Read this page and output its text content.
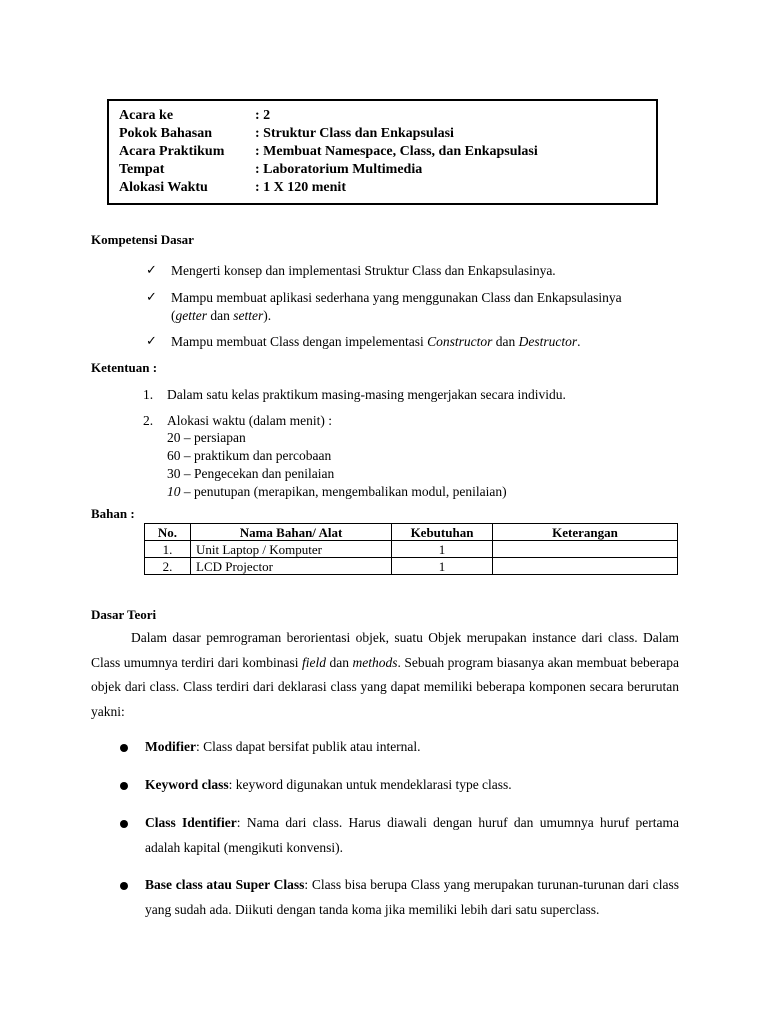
Acara ke	: 2
Pokok Bahasan	: Struktur Class dan Enkapsulasi
Acara Praktikum : Membuat Namespace, Class, dan Enkapsulasi
Tempat	: Laboratorium Multimedia
Alokasi Waktu	: 1 X 120 menit
Kompetensi Dasar
✓ Mengerti konsep dan implementasi Struktur Class dan Enkapsulasinya.
✓ Mampu membuat aplikasi sederhana yang menggunakan Class dan Enkapsulasinya
(getter dan setter).
✓ Mampu membuat Class dengan impelementasi Constructor dan Destructor.
Ketentuan :
1. Dalam satu kelas praktikum masing-masing mengerjakan secara individu.
2. Alokasi waktu (dalam menit) :
20 – persiapan
60 – praktikum dan percobaan
30 – Pengecekan dan penilaian
10 – penutupan (merapikan, mengembalikan modul, penilaian)
Bahan :
No.	Nama Bahan/ Alat	Kebutuhan	Keterangan
1.	Unit Laptop / Komputer	1	
2.	LCD Projector	1	
Dasar Teori
Dalam dasar pemrograman berorientasi objek, suatu Objek merupakan instance dari class. Dalam Class umumnya terdiri dari kombinasi field dan methods. Sebuah program biasanya akan membuat beberapa objek dari class. Class terdiri dari deklarasi class yang dapat memiliki beberapa komponen secara berurutan yakni:
Modifier: Class dapat bersifat publik atau internal.
Keyword class: keyword digunakan untuk mendeklarasi type class.
Class Identifier: Nama dari class. Harus diawali dengan huruf dan umumnya huruf pertama adalah kapital (mengikuti konvensi).
Base class atau Super Class: Class bisa berupa Class yang merupakan turunan-turunan dari class yang sudah ada. Diikuti dengan tanda koma jika memiliki lebih dari satu superclass.
